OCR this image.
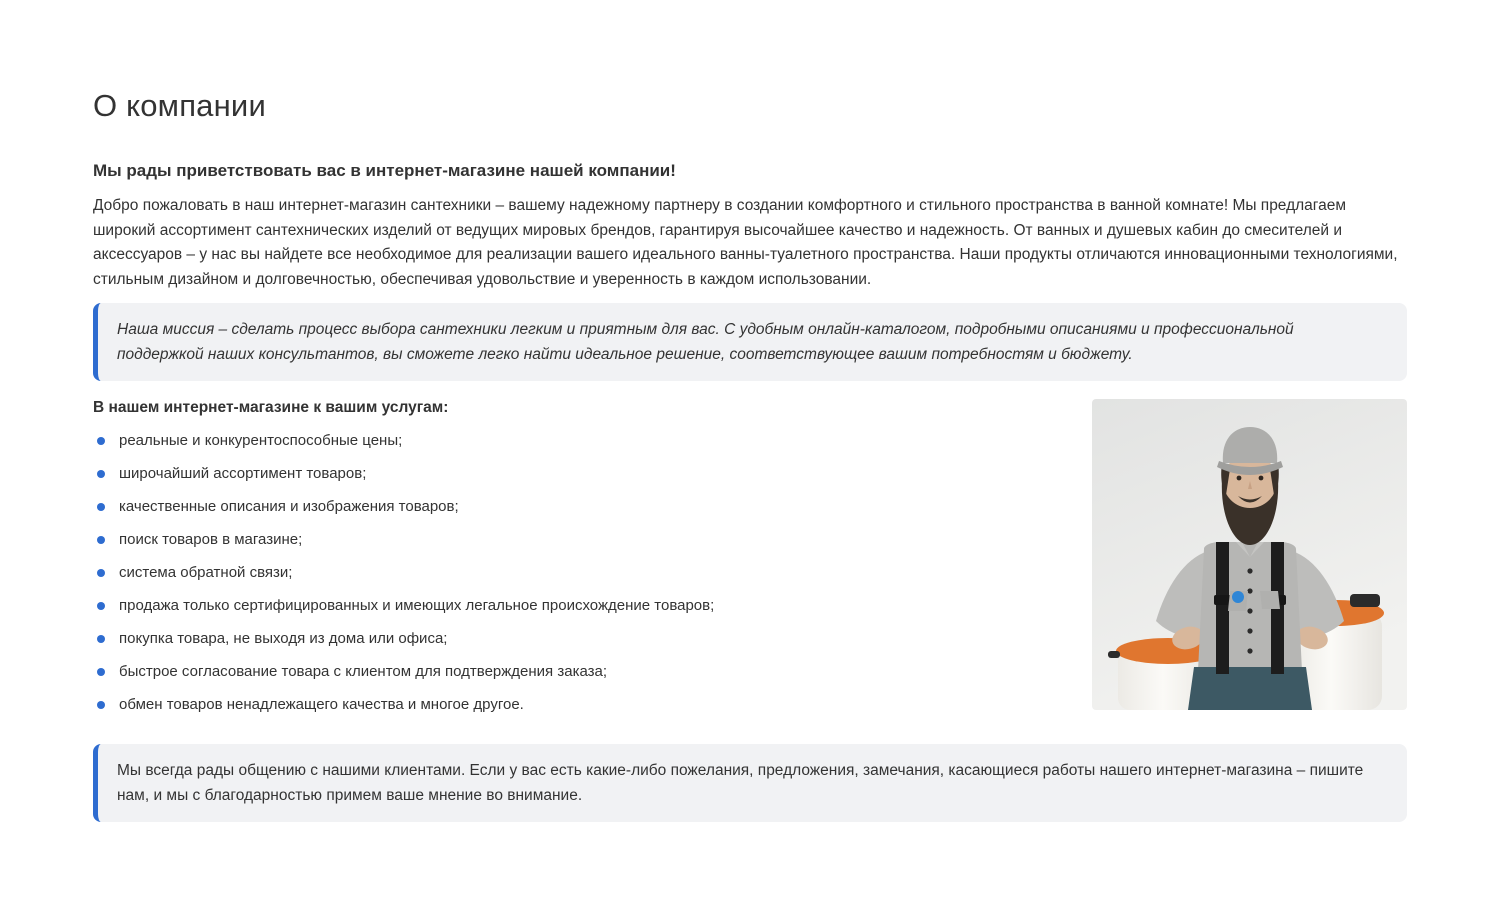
О компании
Мы рады приветствовать вас в интернет-магазине нашей компании!

Добро пожаловать в наш интернет-магазин сантехники – вашему надежному партнеру в создании комфортного и стильного пространства в ванной комнате! Мы предлагаем широкий ассортимент сантехнических изделий от ведущих мировых брендов, гарантируя высочайшее качество и надежность. От ванных и душевых кабин до смесителей и аксессуаров – у нас вы найдете все необходимое для реализации вашего идеального ванны-туалетного пространства. Наши продукты отличаются инновационными технологиями, стильным дизайном и долговечностью, обеспечивая удовольствие и уверенность в каждом использовании.

Наша миссия – сделать процесс выбора сантехники легким и приятным для вас. С удобным онлайн-каталогом, подробными описаниями и профессиональной поддержкой наших консультантов, вы сможете легко найти идеальное решение, соответствующее вашим потребностям и бюджету.

В нашем интернет-магазине к вашим услугам:
реальные и конкурентоспособные цены;
широчайший ассортимент товаров;
качественные описания и изображения товаров;
поиск товаров в магазине;
система обратной связи;
продажа только сертифицированных и имеющих легальное происхождение товаров;
покупка товара, не выходя из дома или офиса;
быстрое согласование товара с клиентом для подтверждения заказа;
обмен товаров ненадлежащего качества и многое другое.

Мы всегда рады общению с нашими клиентами. Если у вас есть какие-либо пожелания, предложения, замечания, касающиеся работы нашего интернет-магазина – пишите нам, и мы с благодарностью примем ваше мнение во внимание.
